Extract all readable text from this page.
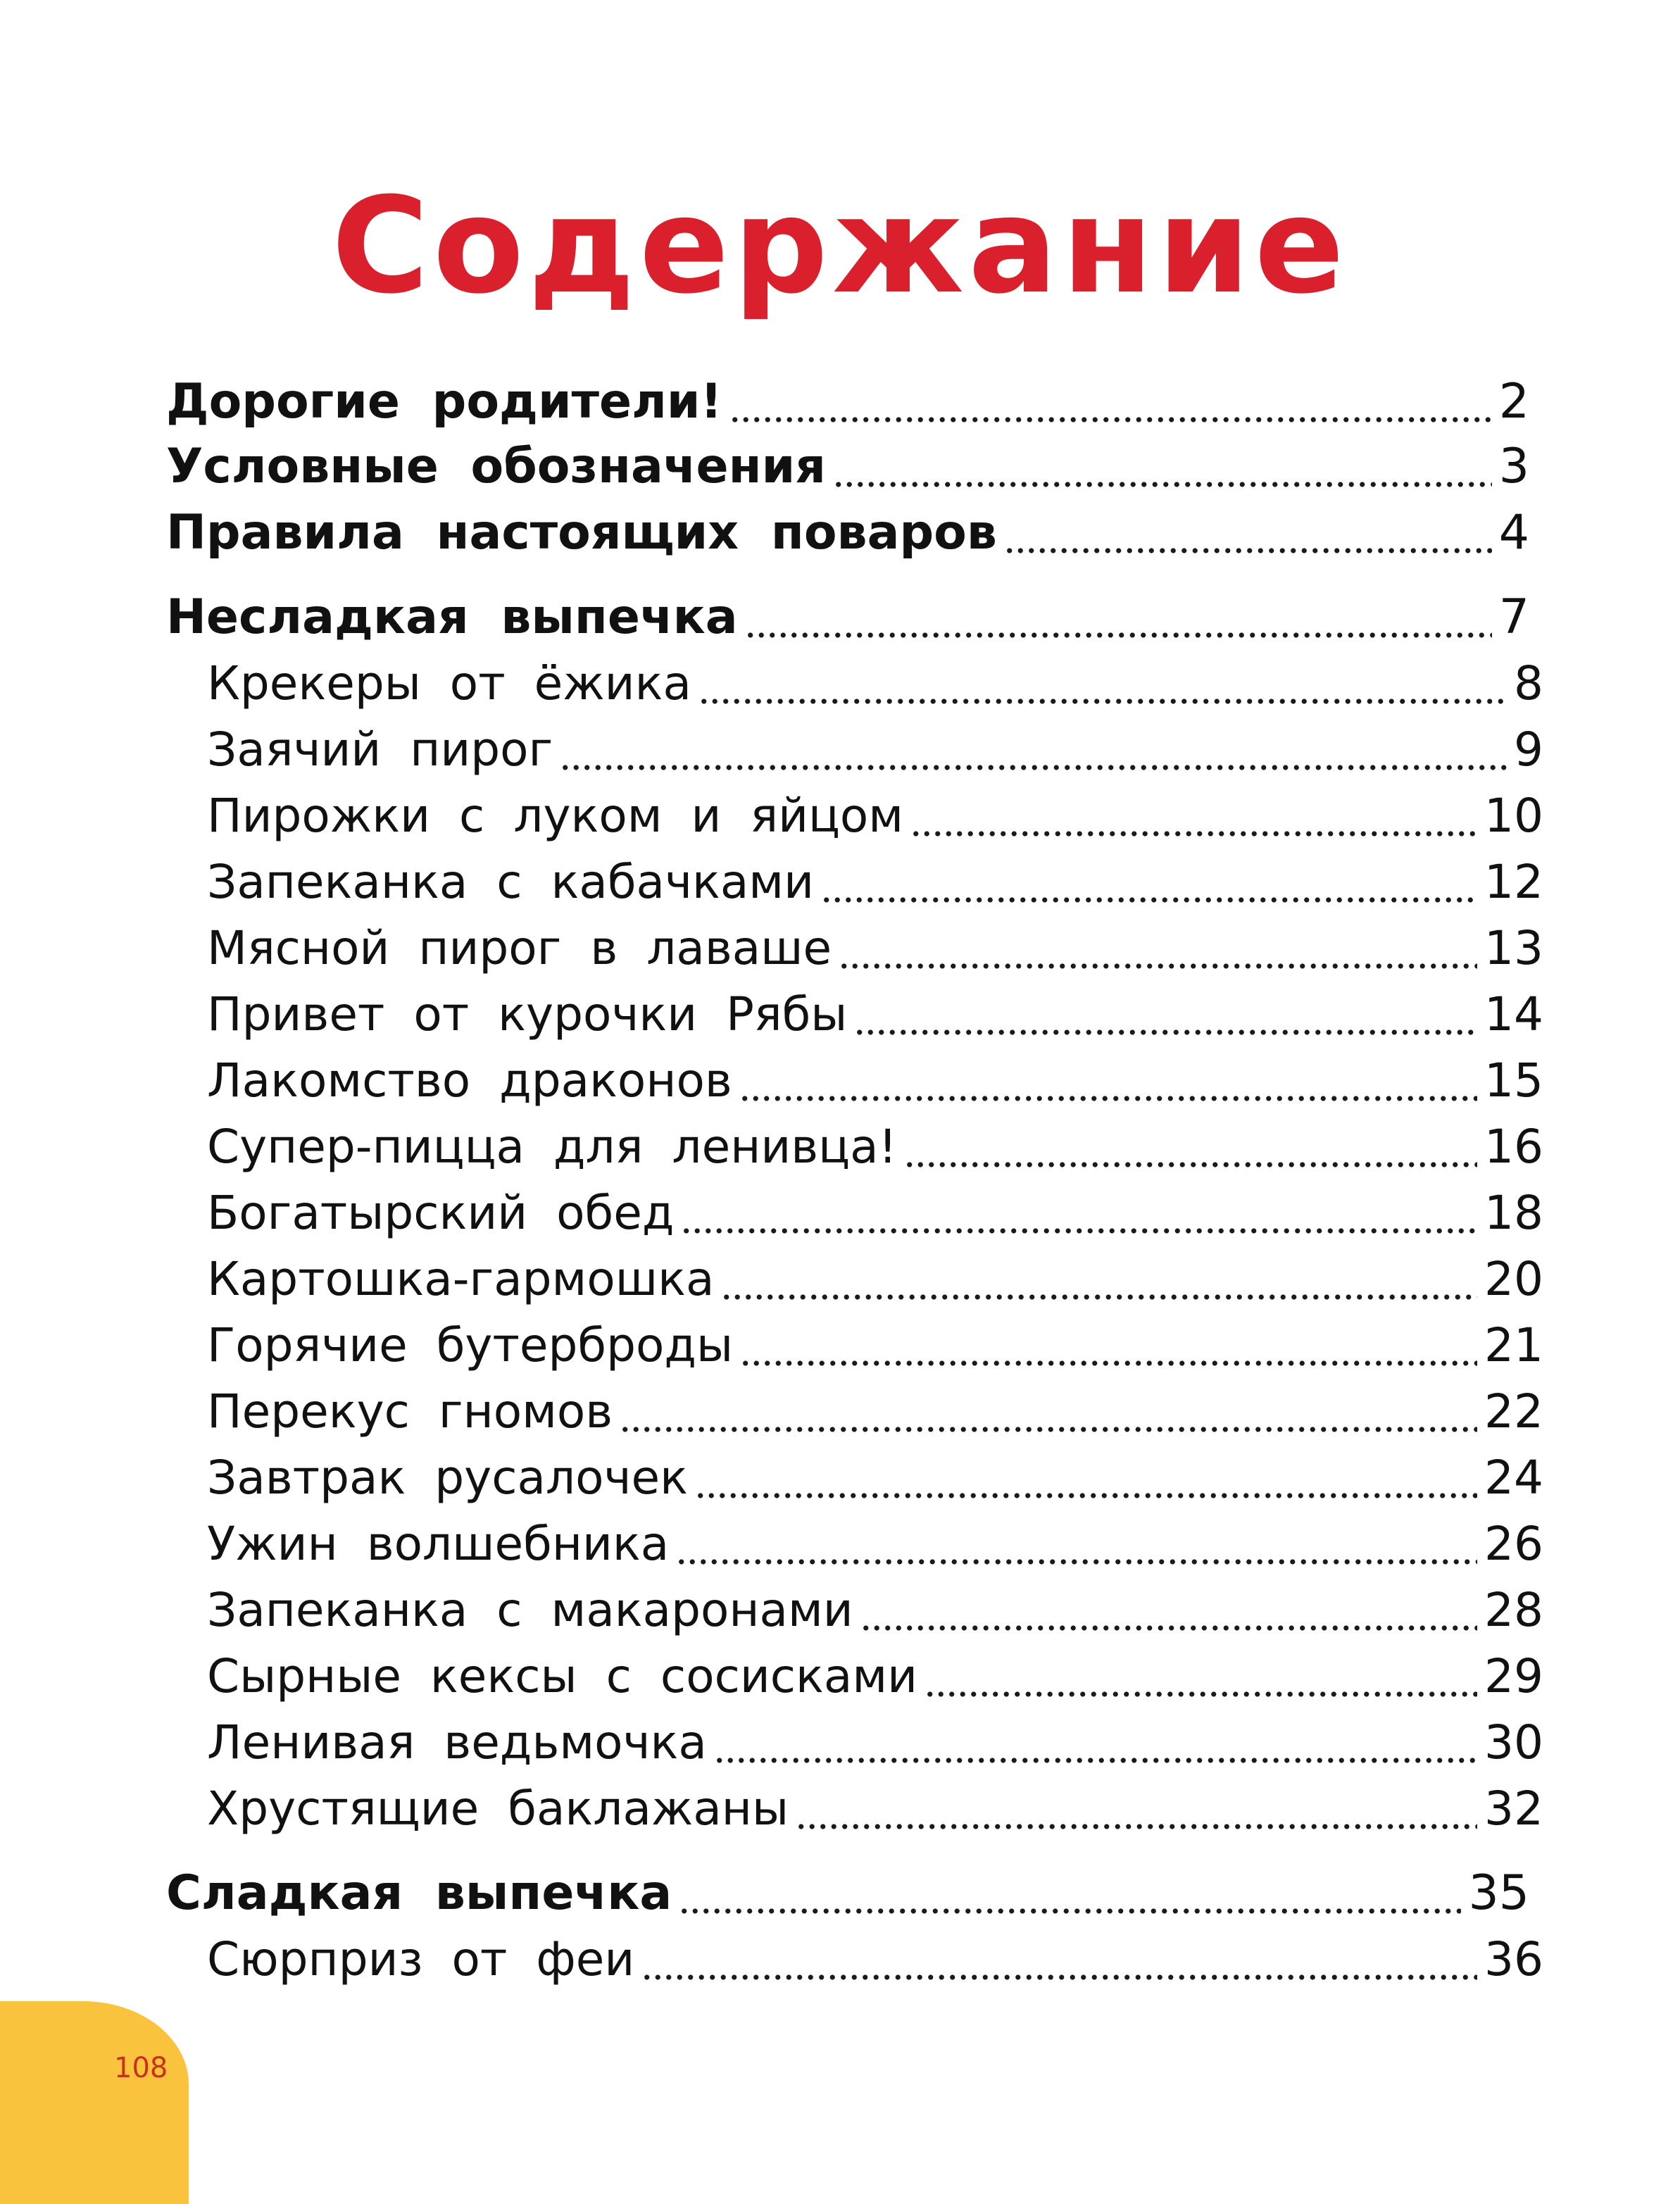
Содержание
Дорогие родители!	2
Условные обозначения	3
Правила настоящих поваров	4
Несладкая выпечка	7
Крекеры от ёжика	8
Заячий пирог	9
Пирожки с луком и яйцом	10
Запеканка с кабачками	12
Мясной пирог в лаваше	13
Привет от курочки Рябы	14
Лакомство драконов	15
Супер-пицца для ленивца!	16
Богатырский обед	18
Картошка-гармошка	20
Горячие бутерброды	21
Перекус гномов	22
Завтрак русалочек	24
Ужин волшебника	26
Запеканка с макаронами	28
Сырные кексы с сосисками	29
Ленивая ведьмочка	30
Хрустящие баклажаны	32
Сладкая выпечка	35
Сюрприз от феи	36
108
